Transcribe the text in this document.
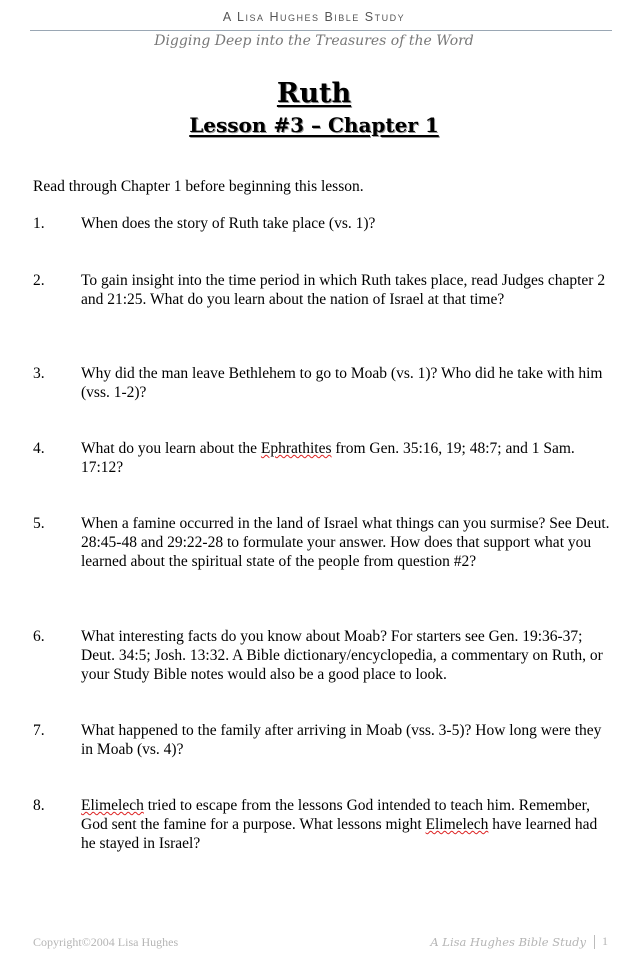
A Lisa Hughes Bible Study
Digging Deep into the Treasures of the Word
Ruth
Lesson #3 – Chapter 1
Read through Chapter 1 before beginning this lesson.
1.	When does the story of Ruth take place (vs. 1)?
2.	To gain insight into the time period in which Ruth takes place, read Judges chapter 2 and 21:25. What do you learn about the nation of Israel at that time?
3.	Why did the man leave Bethlehem to go to Moab (vs. 1)? Who did he take with him (vss. 1-2)?
4.	What do you learn about the Ephrathites from Gen. 35:16, 19; 48:7; and 1 Sam. 17:12?
5.	When a famine occurred in the land of Israel what things can you surmise? See Deut. 28:45-48 and 29:22-28 to formulate your answer. How does that support what you learned about the spiritual state of the people from question #2?
6.	What interesting facts do you know about Moab? For starters see Gen. 19:36-37; Deut. 34:5; Josh. 13:32. A Bible dictionary/encyclopedia, a commentary on Ruth, or your Study Bible notes would also be a good place to look.
7.	What happened to the family after arriving in Moab (vss. 3-5)? How long were they in Moab (vs. 4)?
8.	Elimelech tried to escape from the lessons God intended to teach him. Remember, God sent the famine for a purpose. What lessons might Elimelech have learned had he stayed in Israel?
Copyright©2004 Lisa Hughes	A Lisa Hughes Bible Study 1
